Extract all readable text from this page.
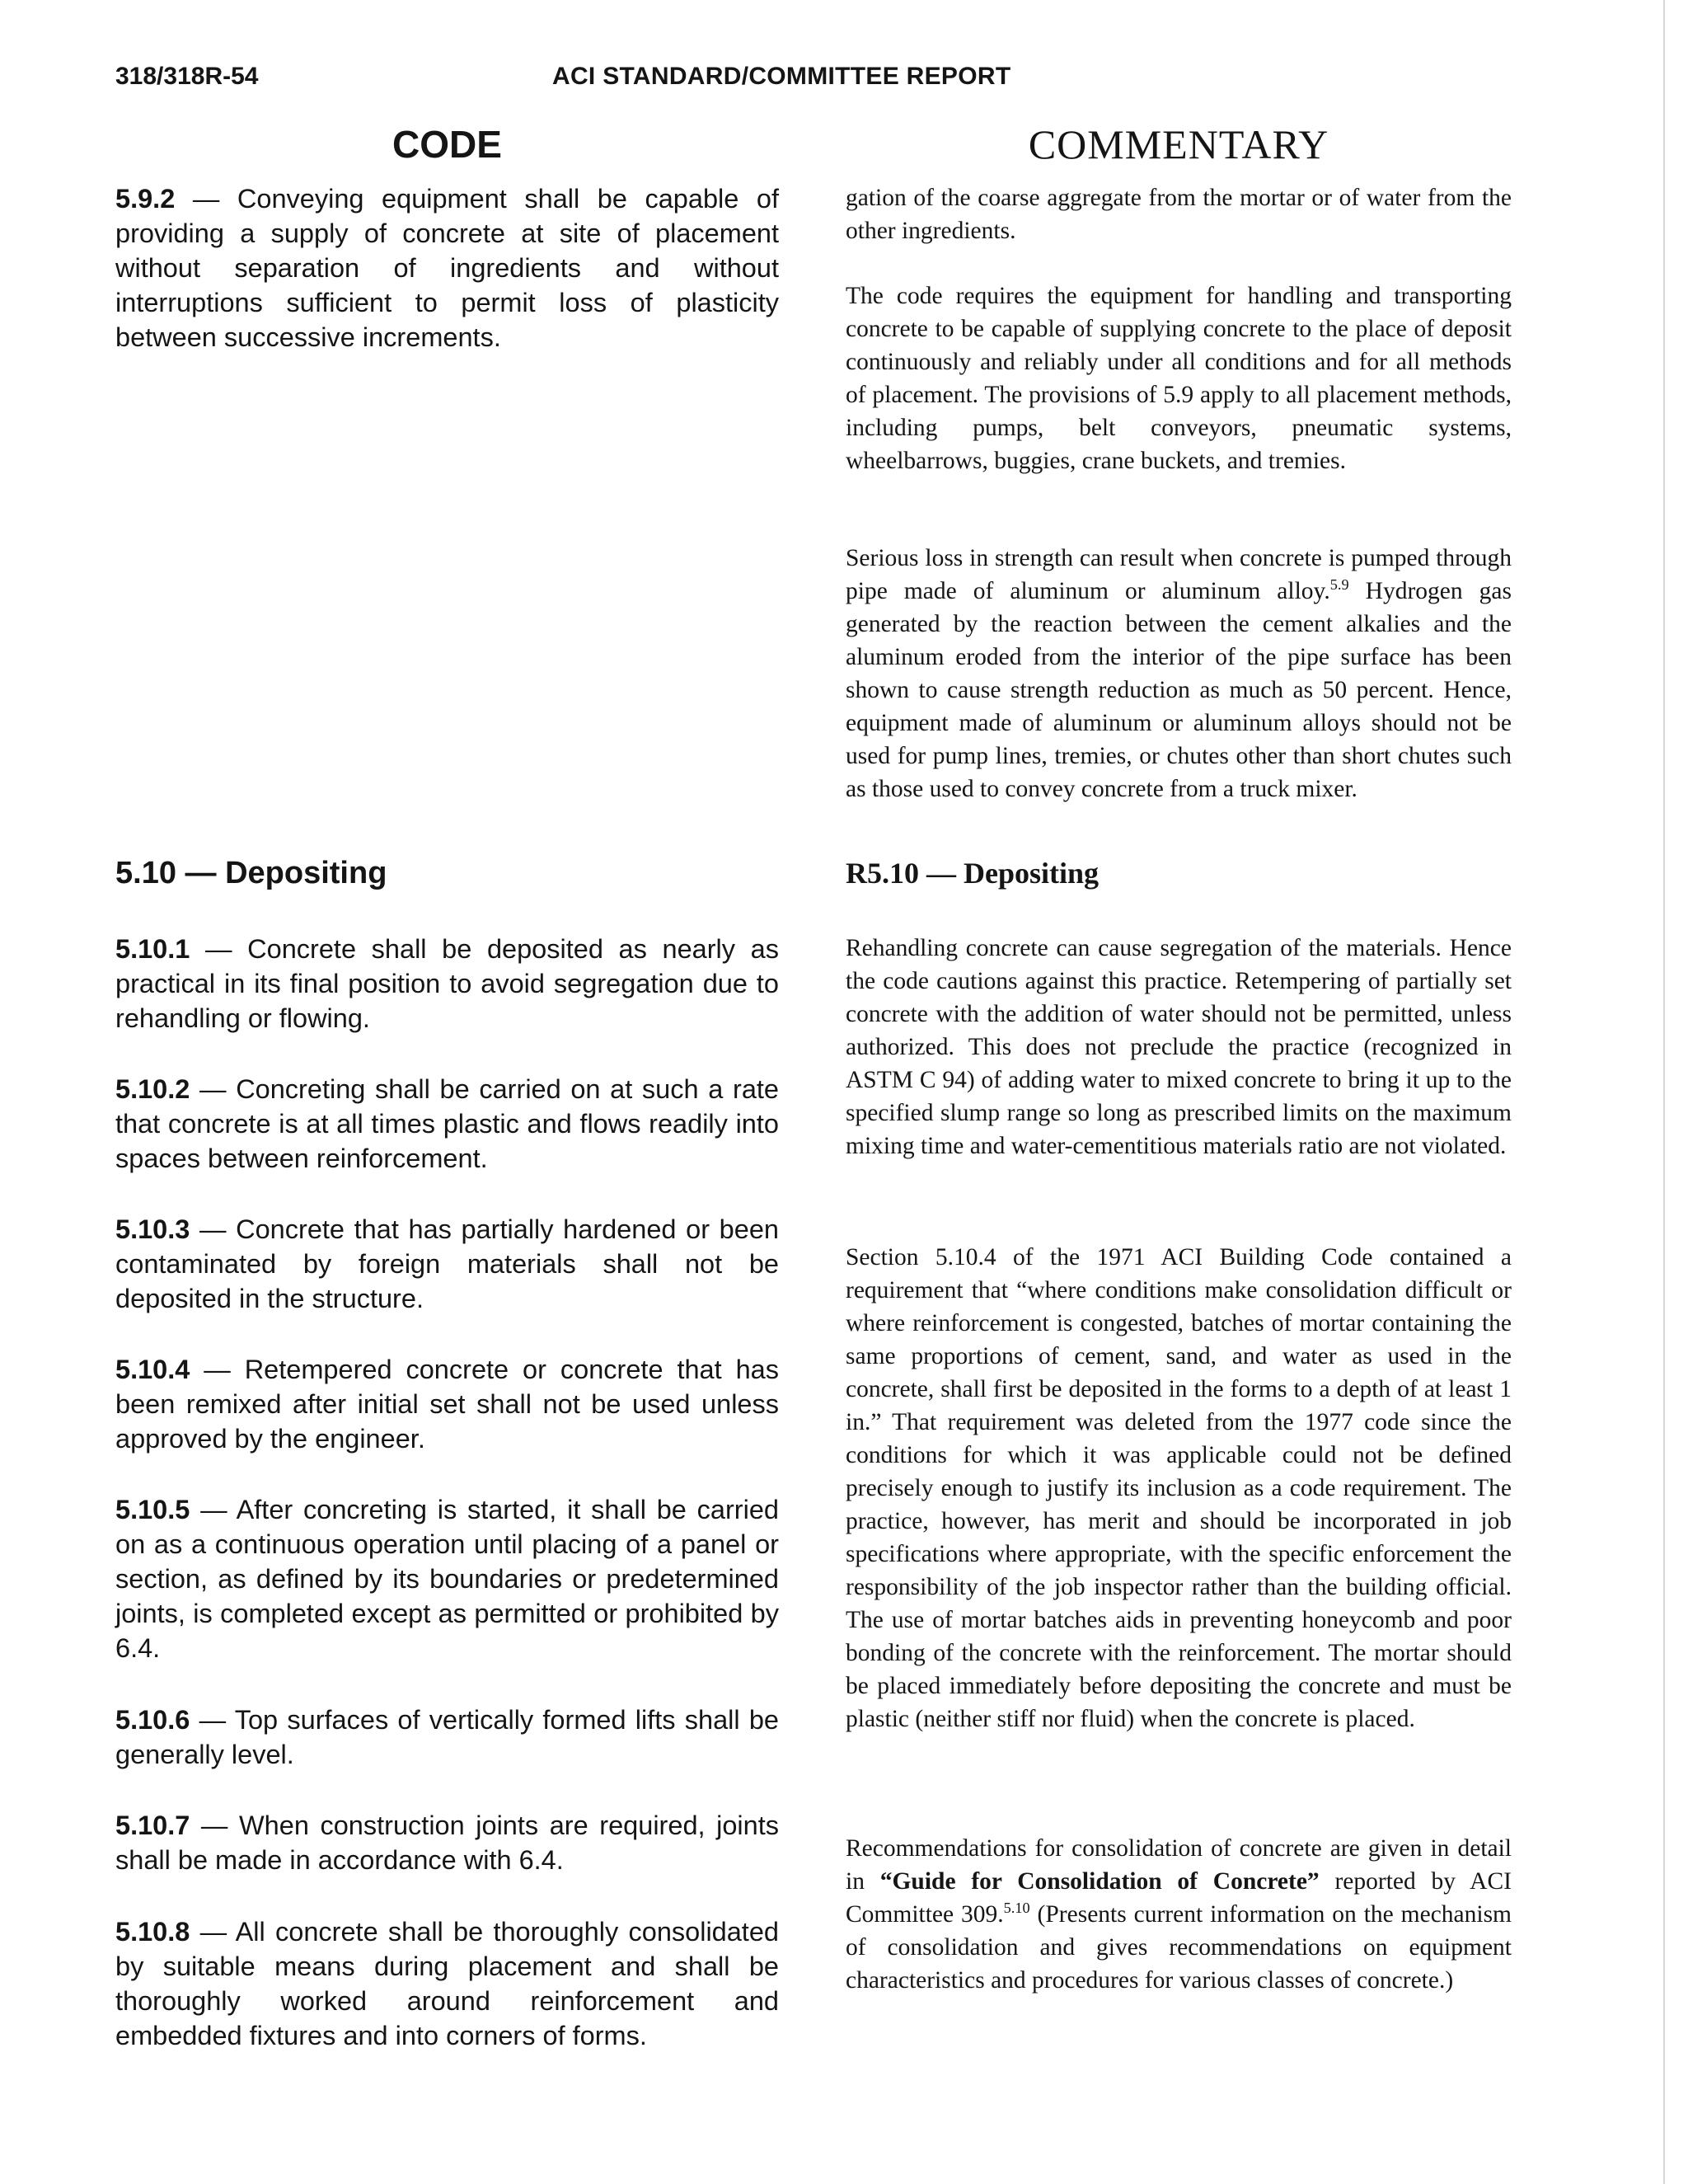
318/318R-54	ACI STANDARD/COMMITTEE REPORT
CODE

5.9.2 — Conveying equipment shall be capable of providing a supply of concrete at site of placement without separation of ingredients and without interruptions sufficient to permit loss of plasticity between successive increments.

5.10 — Depositing

5.10.1 — Concrete shall be deposited as nearly as practical in its final position to avoid segregation due to rehandling or flowing.

5.10.2 — Concreting shall be carried on at such a rate that concrete is at all times plastic and flows readily into spaces between reinforcement.

5.10.3 — Concrete that has partially hardened or been contaminated by foreign materials shall not be deposited in the structure.

5.10.4 — Retempered concrete or concrete that has been remixed after initial set shall not be used unless approved by the engineer.

5.10.5 — After concreting is started, it shall be carried on as a continuous operation until placing of a panel or section, as defined by its boundaries or predetermined joints, is completed except as permitted or prohibited by 6.4.

5.10.6 — Top surfaces of vertically formed lifts shall be generally level.

5.10.7 — When construction joints are required, joints shall be made in accordance with 6.4.

5.10.8 — All concrete shall be thoroughly consolidated by suitable means during placement and shall be thoroughly worked around reinforcement and embedded fixtures and into corners of forms.

COMMENTARY

gation of the coarse aggregate from the mortar or of water from the other ingredients.

The code requires the equipment for handling and transporting concrete to be capable of supplying concrete to the place of deposit continuously and reliably under all conditions and for all methods of placement. The provisions of 5.9 apply to all placement methods, including pumps, belt conveyors, pneumatic systems, wheelbarrows, buggies, crane buckets, and tremies.

Serious loss in strength can result when concrete is pumped through pipe made of aluminum or aluminum alloy.$^{5.9}$ Hydrogen gas generated by the reaction between the cement alkalies and the aluminum eroded from the interior of the pipe surface has been shown to cause strength reduction as much as 50 percent. Hence, equipment made of aluminum or aluminum alloys should not be used for pump lines, tremies, or chutes other than short chutes such as those used to convey concrete from a truck mixer.

R5.10 — Depositing

Rehandling concrete can cause segregation of the materials. Hence the code cautions against this practice. Retempering of partially set concrete with the addition of water should not be permitted, unless authorized. This does not preclude the practice (recognized in ASTM C 94) of adding water to mixed concrete to bring it up to the specified slump range so long as prescribed limits on the maximum mixing time and water-cementitious materials ratio are not violated.

Section 5.10.4 of the 1971 ACI Building Code contained a requirement that “where conditions make consolidation difficult or where reinforcement is congested, batches of mortar containing the same proportions of cement, sand, and water as used in the concrete, shall first be deposited in the forms to a depth of at least 1 in.” That requirement was deleted from the 1977 code since the conditions for which it was applicable could not be defined precisely enough to justify its inclusion as a code requirement. The practice, however, has merit and should be incorporated in job specifications where appropriate, with the specific enforcement the responsibility of the job inspector rather than the building official. The use of mortar batches aids in preventing honeycomb and poor bonding of the concrete with the reinforcement. The mortar should be placed immediately before depositing the concrete and must be plastic (neither stiff nor fluid) when the concrete is placed.

Recommendations for consolidation of concrete are given in detail in “Guide for Consolidation of Concrete” reported by ACI Committee 309.$^{5.10}$ (Presents current information on the mechanism of consolidation and gives recommendations on equipment characteristics and procedures for various classes of concrete.)
